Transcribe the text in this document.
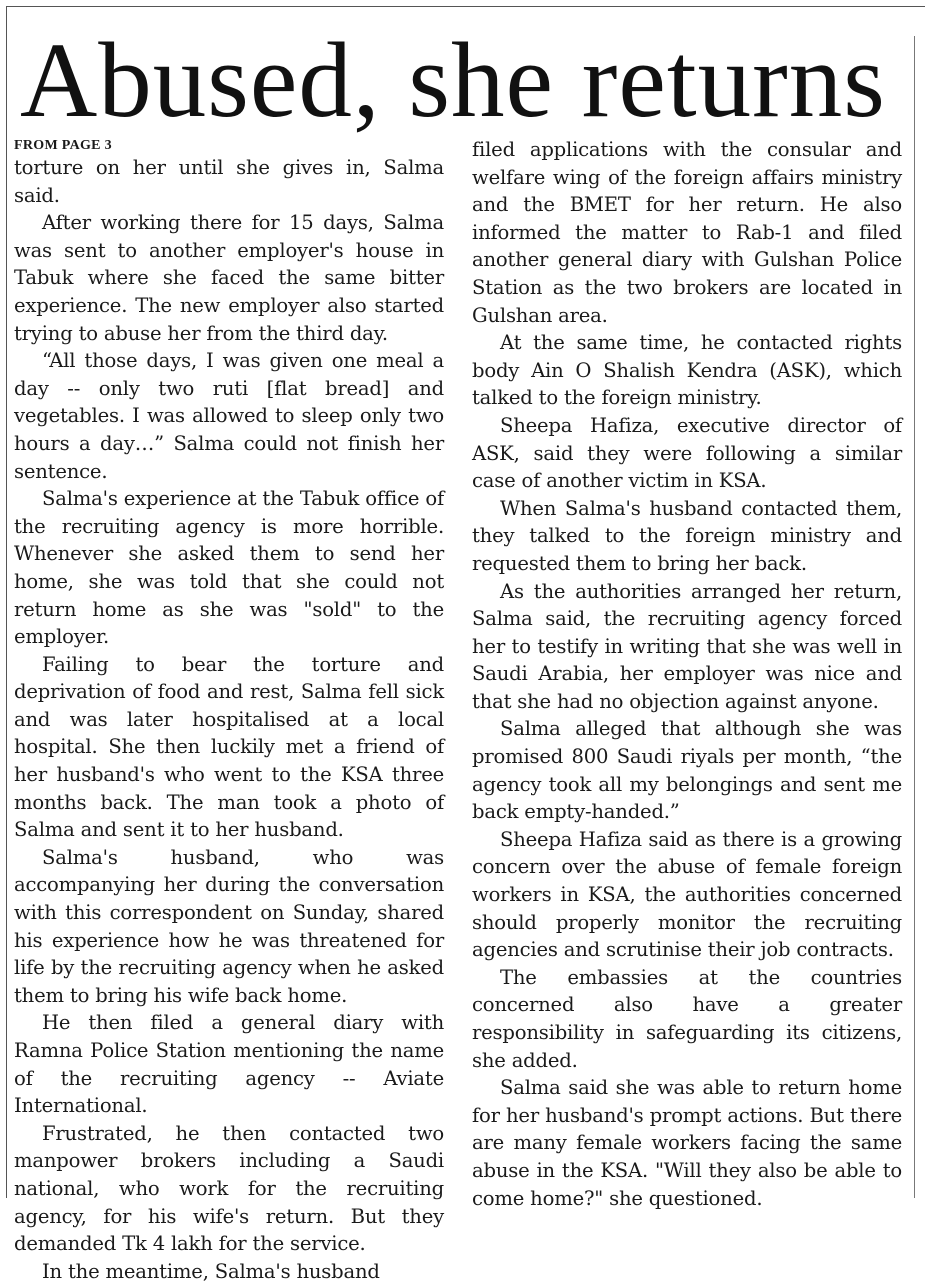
Abused, she returns
FROM PAGE 3

torture on her until she gives in, Salma said.

After working there for 15 days, Salma was sent to another employer's house in Tabuk where she faced the same bitter experience. The new employer also started trying to abuse her from the third day.

“All those days, I was given one meal a day -- only two ruti [flat bread] and vegetables. I was allowed to sleep only two hours a day…” Salma could not finish her sentence.

Salma's experience at the Tabuk office of the recruiting agency is more horrible. Whenever she asked them to send her home, she was told that she could not return home as she was "sold" to the employer.

Failing to bear the torture and deprivation of food and rest, Salma fell sick and was later hospitalised at a local hospital. She then luckily met a friend of her husband's who went to the KSA three months back. The man took a photo of Salma and sent it to her husband.

Salma's husband, who was accompanying her during the conversation with this correspondent on Sunday, shared his experience how he was threatened for life by the recruiting agency when he asked them to bring his wife back home.

He then filed a general diary with Ramna Police Station mentioning the name of the recruiting agency -- Aviate International.

Frustrated, he then contacted two manpower brokers including a Saudi national, who work for the recruiting agency, for his wife's return. But they demanded Tk 4 lakh for the service.

In the meantime, Salma's husband

filed applications with the consular and welfare wing of the foreign affairs ministry and the BMET for her return. He also informed the matter to Rab-1 and filed another general diary with Gulshan Police Station as the two brokers are located in Gulshan area.

At the same time, he contacted rights body Ain O Shalish Kendra (ASK), which talked to the foreign ministry.

Sheepa Hafiza, executive director of ASK, said they were following a similar case of another victim in KSA.

When Salma's husband contacted them, they talked to the foreign ministry and requested them to bring her back.

As the authorities arranged her return, Salma said, the recruiting agency forced her to testify in writing that she was well in Saudi Arabia, her employer was nice and that she had no objection against anyone.

Salma alleged that although she was promised 800 Saudi riyals per month, “the agency took all my belongings and sent me back empty-handed.”

Sheepa Hafiza said as there is a growing concern over the abuse of female foreign workers in KSA, the authorities concerned should properly monitor the recruiting agencies and scrutinise their job contracts.

The embassies at the countries concerned also have a greater responsibility in safeguarding its citizens, she added.

Salma said she was able to return home for her husband's prompt actions. But there are many female workers facing the same abuse in the KSA. "Will they also be able to come home?" she questioned.
